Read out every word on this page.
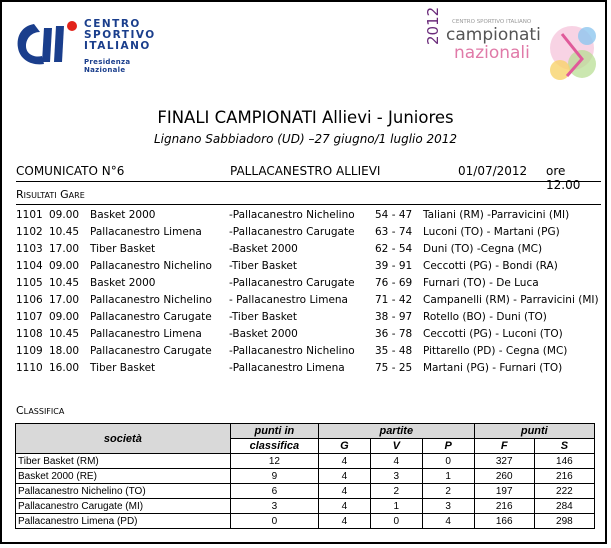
CENTRO
SPORTIVO
ITALIANO
Presidenza Nazionale
CENTRO SPORTIVO ITALIANO
2012 campionati
nazionali
FINALI CAMPIONATI Allievi - Juniores
Lignano Sabbiadoro (UD) –27 giugno/1 luglio 2012
COMUNICATO N°6	PALLACANESTRO ALLIEVI	01/07/2012 ore 12.00
Risultati Gare
1101 09.00 Basket 2000	-Pallacanestro Nichelino 54 - 47 Taliani (RM) -Parravicini (MI)
1102 10.45 Pallacanestro Limena	-Pallacanestro Carugate 63 - 74 Luconi (TO) - Martani (PG)
1103 17.00 Tiber Basket	-Basket 2000	62 - 54 Duni (TO) -Cegna (MC)
1104 09.00 Pallacanestro Nichelino -Tiber Basket	39 - 91 Ceccotti (PG) - Bondi (RA)
1105 10.45 Basket 2000	-Pallacanestro Carugate 76 - 69 Furnari (TO) - De Luca
1106 17.00 Pallacanestro Nichelino - Pallacanestro Limena	71 - 42 Campanelli (RM) - Parravicini (MI)
1107 09.00 Pallacanestro Carugate -Tiber Basket	38 - 97 Rotello (BO) - Duni (TO)
1108 10.45 Pallacanestro Limena	-Basket 2000	36 - 78 Ceccotti (PG) - Luconi (TO)
1109 18.00 Pallacanestro Carugate -Pallacanestro Nichelino 35 - 48 Pittarello (PD) - Cegna (MC)
1110 16.00 Tiber Basket	-Pallacanestro Limena	75 - 25 Martani (PG) - Furnari (TO)
Classifica
società	punti in	partite			punti	
	classifica	G	V	P	F	S
Tiber Basket (RM)	12	4	4	0	327	146
Basket 2000 (RE)	9	4	3	1	260	216
Pallacanestro Nichelino (TO)	6	4	2	2	197	222
Pallacanestro Carugate (MI)	3	4	1	3	216	284
Pallacanestro Limena (PD)	0	4	0	4	166	298
